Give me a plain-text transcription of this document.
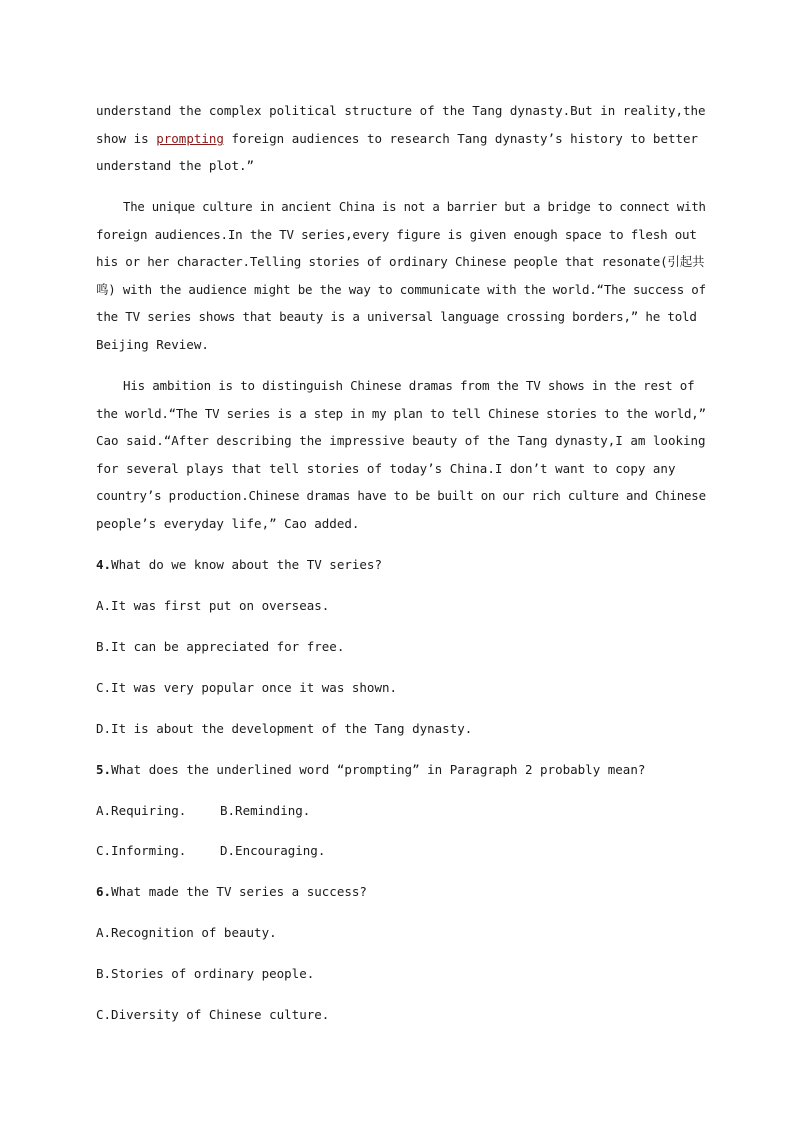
understand the complex political structure of the Tang dynasty.But in reality,the
show is prompting foreign audiences to research Tang dynasty’s history to better
understand the plot.”
The unique culture in ancient China is not a barrier but a bridge to connect with
foreign audiences.In the TV series,every figure is given enough space to flesh out
his or her character.Telling stories of ordinary Chinese people that resonate(引起共
鸣) with the audience might be the way to communicate with the world.“The success of
the TV series shows that beauty is a universal language crossing borders,” he told
Beijing Review.
His ambition is to distinguish Chinese dramas from the TV shows in the rest of
the world.“The TV series is a step in my plan to tell Chinese stories to the world,”
Cao said.“After describing the impressive beauty of the Tang dynasty,I am looking
for several plays that tell stories of today’s China.I don’t want to copy any
country’s production.Chinese dramas have to be built on our rich culture and Chinese
people’s everyday life,” Cao added.
4.What do we know about the TV series?
A.It was first put on overseas.
B.It can be appreciated for free.
C.It was very popular once it was shown.
D.It is about the development of the Tang dynasty.
5.What does the underlined word “prompting” in Paragraph 2 probably mean?
A.Requiring.	B.Reminding.
C.Informing.	D.Encouraging.
6.What made the TV series a success?
A.Recognition of beauty.
B.Stories of ordinary people.
C.Diversity of Chinese culture.
